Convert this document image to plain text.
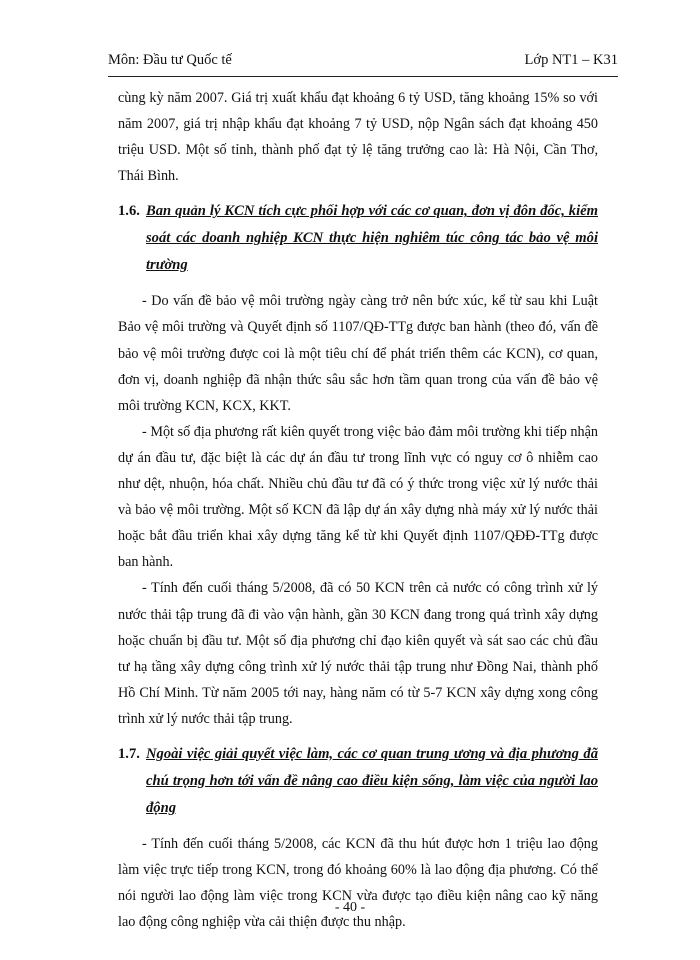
Môn: Đầu tư Quốc tế	Lớp NT1 – K31

cùng kỳ năm 2007. Giá trị xuất khẩu đạt khoảng 6 tỷ USD, tăng khoảng 15% so với năm 2007, giá trị nhập khẩu đạt khoảng 7 tỷ USD, nộp Ngân sách đạt khoảng 450 triệu USD. Một số tỉnh, thành phố đạt tỷ lệ tăng trưởng cao là: Hà Nội, Cần Thơ, Thái Bình.

1.6. Ban quản lý KCN tích cực phối hợp với các cơ quan, đơn vị đôn đốc, kiểm soát các doanh nghiệp KCN thực hiện nghiêm túc công tác bảo vệ môi trường

- Do vấn đề bảo vệ môi trường ngày càng trở nên bức xúc, kể từ sau khi Luật Bảo vệ môi trường và Quyết định số 1107/QĐ-TTg được ban hành (theo đó, vấn đề bảo vệ môi trường được coi là một tiêu chí để phát triển thêm các KCN), cơ quan, đơn vị, doanh nghiệp đã nhận thức sâu sắc hơn tầm quan trong của vấn đề bảo vệ môi trường KCN, KCX, KKT.

- Một số địa phương rất kiên quyết trong việc bảo đảm môi trường khi tiếp nhận dự án đầu tư, đặc biệt là các dự án đầu tư trong lĩnh vực có nguy cơ ô nhiễm cao như dệt, nhuộn, hóa chất. Nhiều chủ đầu tư đã có ý thức trong việc xử lý nước thải và bảo vệ môi trường. Một số KCN đã lập dự án xây dựng nhà máy xử lý nước thải hoặc bắt đầu triển khai xây dựng tăng kể từ khi Quyết định 1107/QĐĐ-TTg được ban hành.

- Tính đến cuối tháng 5/2008, đã có 50 KCN trên cả nước có công trình xử lý nước thải tập trung đã đi vào vận hành, gần 30 KCN đang trong quá trình xây dựng hoặc chuẩn bị đầu tư. Một số địa phương chỉ đạo kiên quyết và sát sao các chủ đầu tư hạ tầng xây dựng công trình xử lý nước thải tập trung như Đồng Nai, thành phố Hồ Chí Minh. Từ năm 2005 tới nay, hàng năm có từ 5-7 KCN xây dựng xong công trình xử lý nước thải tập trung.

1.7. Ngoài việc giải quyết việc làm, các cơ quan trung ương và địa phương đã chú trọng hơn tới vấn đề nâng cao điều kiện sống, làm việc của người lao động

- Tính đến cuối tháng 5/2008, các KCN đã thu hút được hơn 1 triệu lao động làm việc trực tiếp trong KCN, trong đó khoảng 60% là lao động địa phương. Có thể nói người lao động làm việc trong KCN vừa được tạo điều kiện nâng cao kỹ năng lao động công nghiệp vừa cải thiện được thu nhập.

- 40 -
